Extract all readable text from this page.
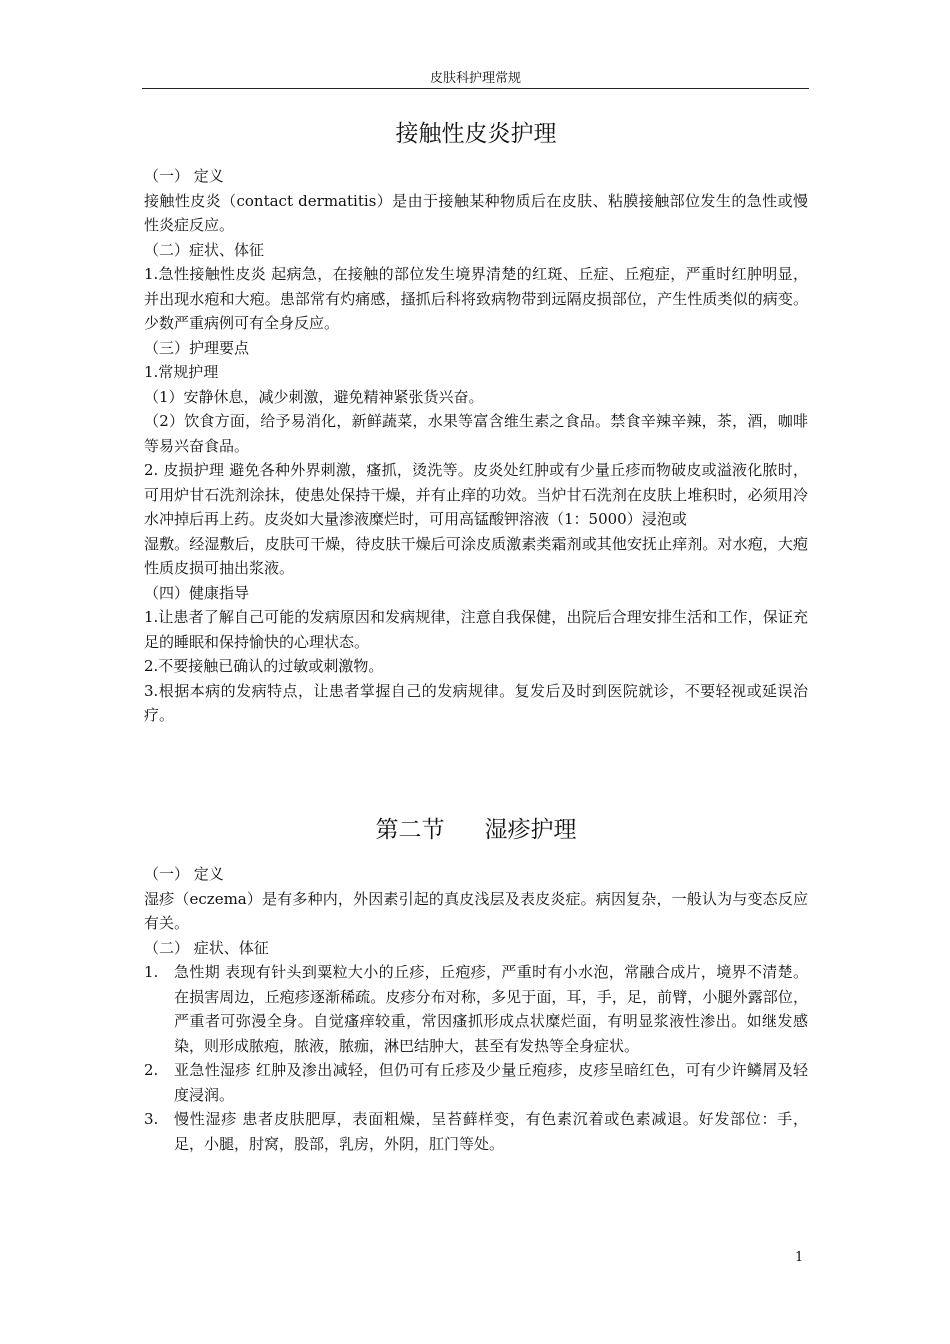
皮肤科护理常规
接触性皮炎护理

（一） 定义

接触性皮炎（contact dermatitis）是由于接触某种物质后在皮肤、粘膜接触部位发生的急性或慢性炎症反应。

（二）症状、体征

1.急性接触性皮炎 起病急，在接触的部位发生境界清楚的红斑、丘症、丘疱症，严重时红肿明显，并出现水疱和大疱。患部常有灼痛感，搔抓后科将致病物带到远隔皮损部位，产生性质类似的病变。少数严重病例可有全身反应。

（三）护理要点

1.常规护理

（1）安静休息，减少刺激，避免精神紧张货兴奋。

（2）饮食方面，给予易消化，新鲜蔬菜，水果等富含维生素之食品。禁食辛辣辛辣，茶，酒，咖啡等易兴奋食品。

2. 皮损护理 避免各种外界刺激，瘙抓，烫洗等。皮炎处红肿或有少量丘疹而物破皮或溢液化脓时，可用炉甘石洗剂涂抹，使患处保持干燥，并有止痒的功效。当炉甘石洗剂在皮肤上堆积时，必须用冷水冲掉后再上药。皮炎如大量渗液糜烂时，可用高锰酸钾溶液（1：5000）浸泡或

湿敷。经湿敷后，皮肤可干燥，待皮肤干燥后可涂皮质激素类霜剂或其他安抚止痒剂。对水疱，大疱性质皮损可抽出浆液。

（四）健康指导

1.让患者了解自己可能的发病原因和发病规律，注意自我保健，出院后合理安排生活和工作，保证充足的睡眠和保持愉快的心理状态。

2.不要接触已确认的过敏或刺激物。

3.根据本病的发病特点，让患者掌握自己的发病规律。复发后及时到医院就诊，不要轻视或延误治疗。

第二节 湿疹护理

（一） 定义

湿疹（eczema）是有多种内，外因素引起的真皮浅层及表皮炎症。病因复杂，一般认为与变态反应有关。

（二） 症状、体征

1. 急性期 表现有针头到粟粒大小的丘疹，丘疱疹，严重时有小水泡，常融合成片，境界不清楚。在损害周边，丘疱疹逐渐稀疏。皮疹分布对称，多见于面，耳，手，足，前臂，小腿外露部位，严重者可弥漫全身。自觉瘙痒较重，常因瘙抓形成点状糜烂面，有明显浆液性渗出。如继发感染，则形成脓疱，脓液，脓痂，淋巴结肿大，甚至有发热等全身症状。
2. 亚急性湿疹 红肿及渗出减轻，但仍可有丘疹及少量丘疱疹，皮疹呈暗红色，可有少许鳞屑及轻度浸润。
3. 慢性湿疹 患者皮肤肥厚，表面粗燥，呈苔藓样变，有色素沉着或色素减退。好发部位：手，足，小腿，肘窝，股部，乳房，外阴，肛门等处。
1
